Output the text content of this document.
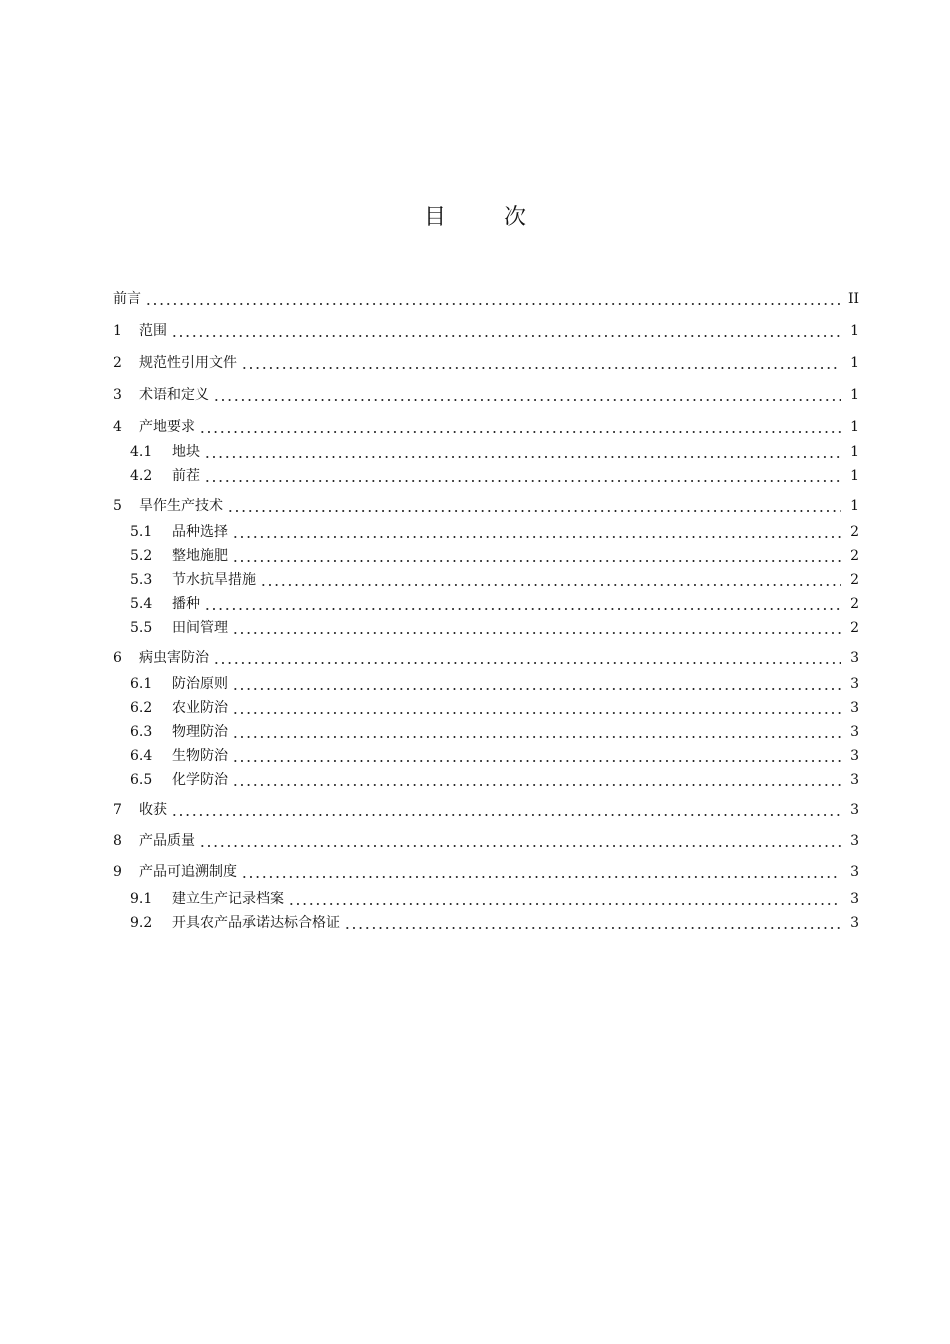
目	次
前言	II
1	范围	1
2	规范性引用文件	1
3	术语和定义	1
4	产地要求	1
4.1	地块	1
4.2	前茬	1
5	旱作生产技术	1
5.1	品种选择	2
5.2	整地施肥	2
5.3	节水抗旱措施	2
5.4	播种	2
5.5	田间管理	2
6	病虫害防治	3
6.1	防治原则	3
6.2	农业防治	3
6.3	物理防治	3
6.4	生物防治	3
6.5	化学防治	3
7	收获	3
8	产品质量	3
9	产品可追溯制度	3
9.1	建立生产记录档案	3
9.2	开具农产品承诺达标合格证	3
